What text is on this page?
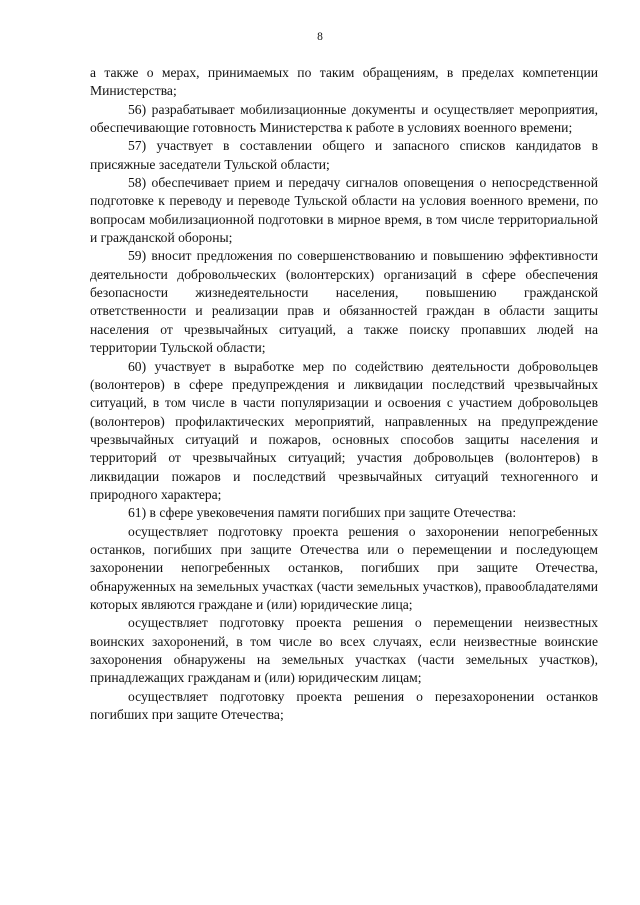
8

а также о мерах, принимаемых по таким обращениям, в пределах компетенции Министерства;

56) разрабатывает мобилизационные документы и осуществляет мероприятия, обеспечивающие готовность Министерства к работе в условиях военного времени;

57) участвует в составлении общего и запасного списков кандидатов в присяжные заседатели Тульской области;

58) обеспечивает прием и передачу сигналов оповещения о непосредственной подготовке к переводу и переводе Тульской области на условия военного времени, по вопросам мобилизационной подготовки в мирное время, в том числе территориальной и гражданской обороны;

59) вносит предложения по совершенствованию и повышению эффективности деятельности добровольческих (волонтерских) организаций в сфере обеспечения безопасности жизнедеятельности населения, повышению гражданской ответственности и реализации прав и обязанностей граждан в области защиты населения от чрезвычайных ситуаций, а также поиску пропавших людей на территории Тульской области;

60) участвует в выработке мер по содействию деятельности добровольцев (волонтеров) в сфере предупреждения и ликвидации последствий чрезвычайных ситуаций, в том числе в части популяризации и освоения с участием добровольцев (волонтеров) профилактических мероприятий, направленных на предупреждение чрезвычайных ситуаций и пожаров, основных способов защиты населения и территорий от чрезвычайных ситуаций; участия добровольцев (волонтеров) в ликвидации пожаров и последствий чрезвычайных ситуаций техногенного и природного характера;

61) в сфере увековечения памяти погибших при защите Отечества:

осуществляет подготовку проекта решения о захоронении непогребенных останков, погибших при защите Отечества или о перемещении и последующем захоронении непогребенных останков, погибших при защите Отечества, обнаруженных на земельных участках (части земельных участков), правообладателями которых являются граждане и (или) юридические лица;

осуществляет подготовку проекта решения о перемещении неизвестных воинских захоронений, в том числе во всех случаях, если неизвестные воинские захоронения обнаружены на земельных участках (части земельных участков), принадлежащих гражданам и (или) юридическим лицам;

осуществляет подготовку проекта решения о перезахоронении останков погибших при защите Отечества;
